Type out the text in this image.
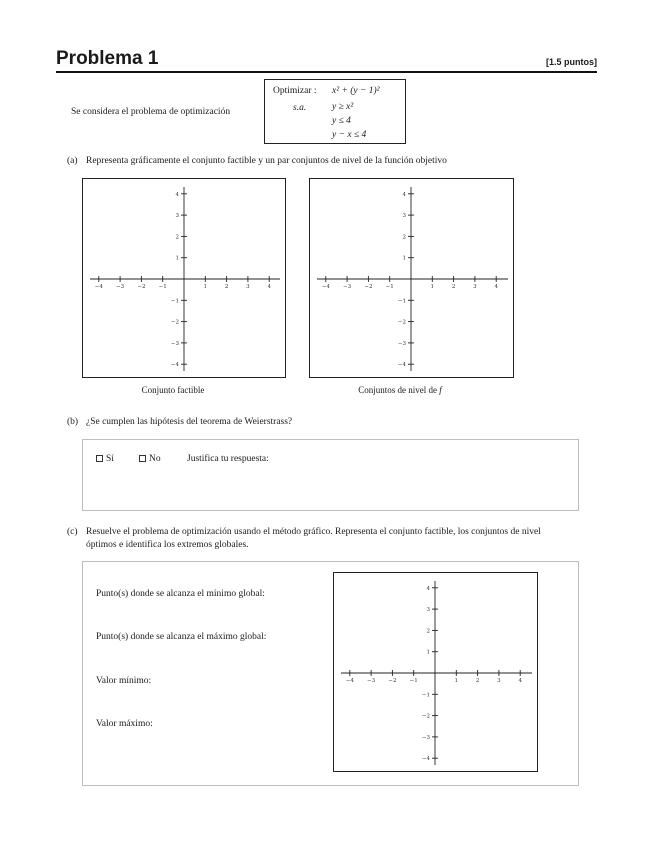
Problema 1	[1.5 puntos]
Se considera el problema de optimización
Optimizar : x² + (y − 1)²
s.a.	y ≥ x²
y ≤ 4
y − x ≤ 4
(a) Representa gráficamente el conjunto factible y un par conjuntos de nivel de la función objetivo
−4 −3 −2 −1	1	2	3	4
4
3
2
1
−1
−2
−3
−4
−4 −3 −2 −1	1	2	3	4
4
3
2
1
−1
−2
−3
−4
Conjunto factible	Conjuntos de nivel de f
(b) ¿Se cumplen las hipótesis del teorema de Weierstrass?
Sí	No	Justifica tu respuesta:
(c) Resuelve el problema de optimización usando el método gráfico. Representa el conjunto factible, los conjuntos de nivel
óptimos e identifica los extremos globales.
Punto(s) donde se alcanza el mínimo global:
Punto(s) donde se alcanza el máximo global:
Valor mínimo:
Valor máximo:
−4 −3 −2 −1	1	2	3	4
4
3
2
1
−1
−2
−3
−4
